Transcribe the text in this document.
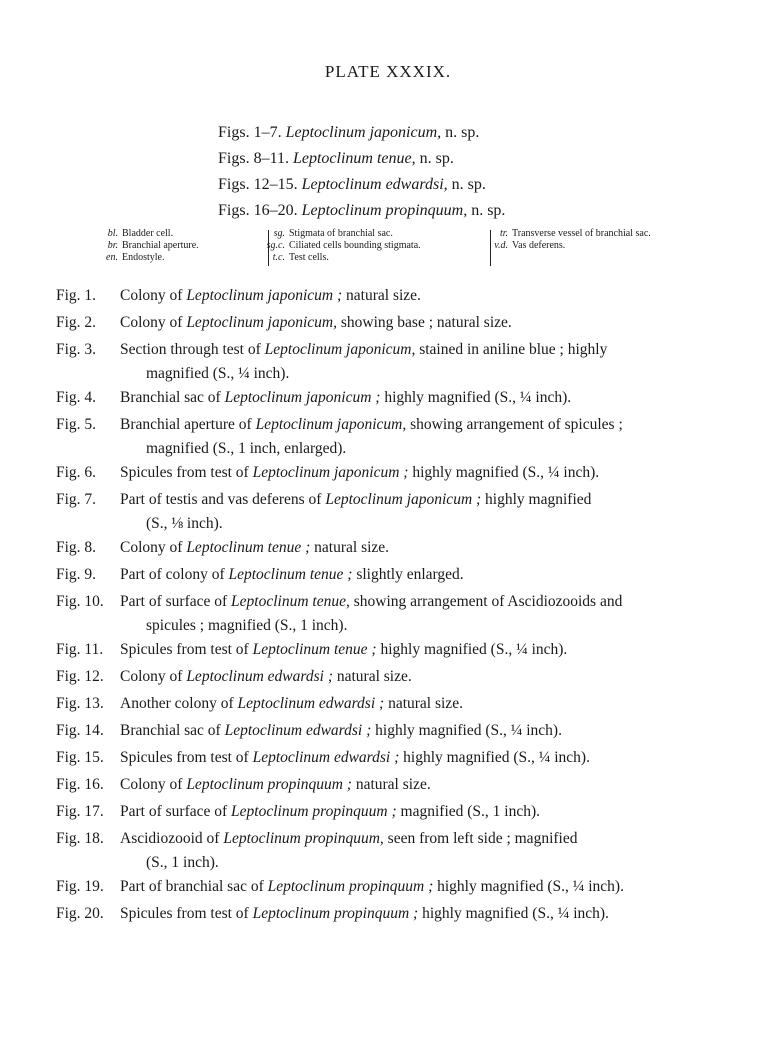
PLATE XXXIX.
Figs. 1–7. Leptoclinum japonicum, n. sp.
Figs. 8–11. Leptoclinum tenue, n. sp.
Figs. 12–15. Leptoclinum edwardsi, n. sp.
Figs. 16–20. Leptoclinum propinquum, n. sp.
bl. Bladder cell.
br. Branchial aperture.
en. Endostyle.
sg. Stigmata of branchial sac.
sg.c. Ciliated cells bounding stigmata.
t.c. Test cells.
tr. Transverse vessel of branchial sac.
v.d. Vas deferens.
Fig. 1.	Colony of Leptoclinum japonicum ; natural size.
Fig. 2.	Colony of Leptoclinum japonicum, showing base ; natural size.
Fig. 3.	Section through test of Leptoclinum japonicum, stained in aniline blue ; highly
magnified (S., ¼ inch).
Fig. 4.	Branchial sac of Leptoclinum japonicum ; highly magnified (S., ¼ inch).
Fig. 5.	Branchial aperture of Leptoclinum japonicum, showing arrangement of spicules ;
magnified (S., 1 inch, enlarged).
Fig. 6.	Spicules from test of Leptoclinum japonicum ; highly magnified (S., ¼ inch).
Fig. 7.	Part of testis and vas deferens of Leptoclinum japonicum ; highly magnified
(S., ⅛ inch).
Fig. 8.	Colony of Leptoclinum tenue ; natural size.
Fig. 9.	Part of colony of Leptoclinum tenue ; slightly enlarged.
Fig. 10.	Part of surface of Leptoclinum tenue, showing arrangement of Ascidiozooids and
spicules ; magnified (S., 1 inch).
Fig. 11.	Spicules from test of Leptoclinum tenue ; highly magnified (S., ¼ inch).
Fig. 12.	Colony of Leptoclinum edwardsi ; natural size.
Fig. 13.	Another colony of Leptoclinum edwardsi ; natural size.
Fig. 14.	Branchial sac of Leptoclinum edwardsi ; highly magnified (S., ¼ inch).
Fig. 15.	Spicules from test of Leptoclinum edwardsi ; highly magnified (S., ¼ inch).
Fig. 16.	Colony of Leptoclinum propinquum ; natural size.
Fig. 17.	Part of surface of Leptoclinum propinquum ; magnified (S., 1 inch).
Fig. 18.	Ascidiozooid of Leptoclinum propinquum, seen from left side ; magnified
(S., 1 inch).
Fig. 19.	Part of branchial sac of Leptoclinum propinquum ; highly magnified (S., ¼ inch).
Fig. 20.	Spicules from test of Leptoclinum propinquum ; highly magnified (S., ¼ inch).
